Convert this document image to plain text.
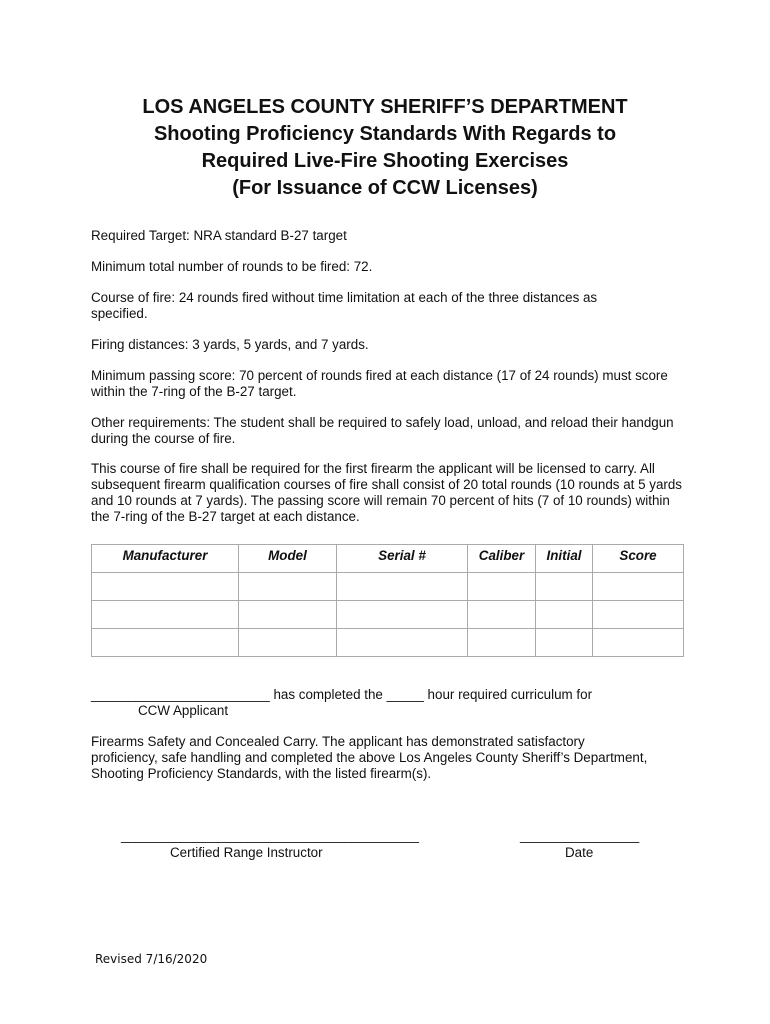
LOS ANGELES COUNTY SHERIFF’S DEPARTMENT
Shooting Proficiency Standards With Regards to
Required Live-Fire Shooting Exercises
(For Issuance of CCW Licenses)

Required Target: NRA standard B-27 target

Minimum total number of rounds to be fired: 72.

Course of fire: 24 rounds fired without time limitation at each of the three distances as specified.

Firing distances: 3 yards, 5 yards, and 7 yards.

Minimum passing score: 70 percent of rounds fired at each distance (17 of 24 rounds) must score within the 7-ring of the B-27 target.

Other requirements: The student shall be required to safely load, unload, and reload their handgun during the course of fire.

This course of fire shall be required for the first firearm the applicant will be licensed to carry. All subsequent firearm qualification courses of fire shall consist of 20 total rounds (10 rounds at 5 yards and 10 rounds at 7 yards). The passing score will remain 70 percent of hits (7 of 10 rounds) within the 7-ring of the B-27 target at each distance.

Manufacturer	Model	Serial #	Caliber	Initial	Score

________________________ has completed the _____ hour required curriculum for
CCW Applicant

Firearms Safety and Concealed Carry. The applicant has demonstrated satisfactory proficiency, safe handling and completed the above Los Angeles County Sheriff’s Department, Shooting Proficiency Standards, with the listed firearm(s).

________________________________________
Certified Range Instructor
________________
Date
Revised 7/16/2020
